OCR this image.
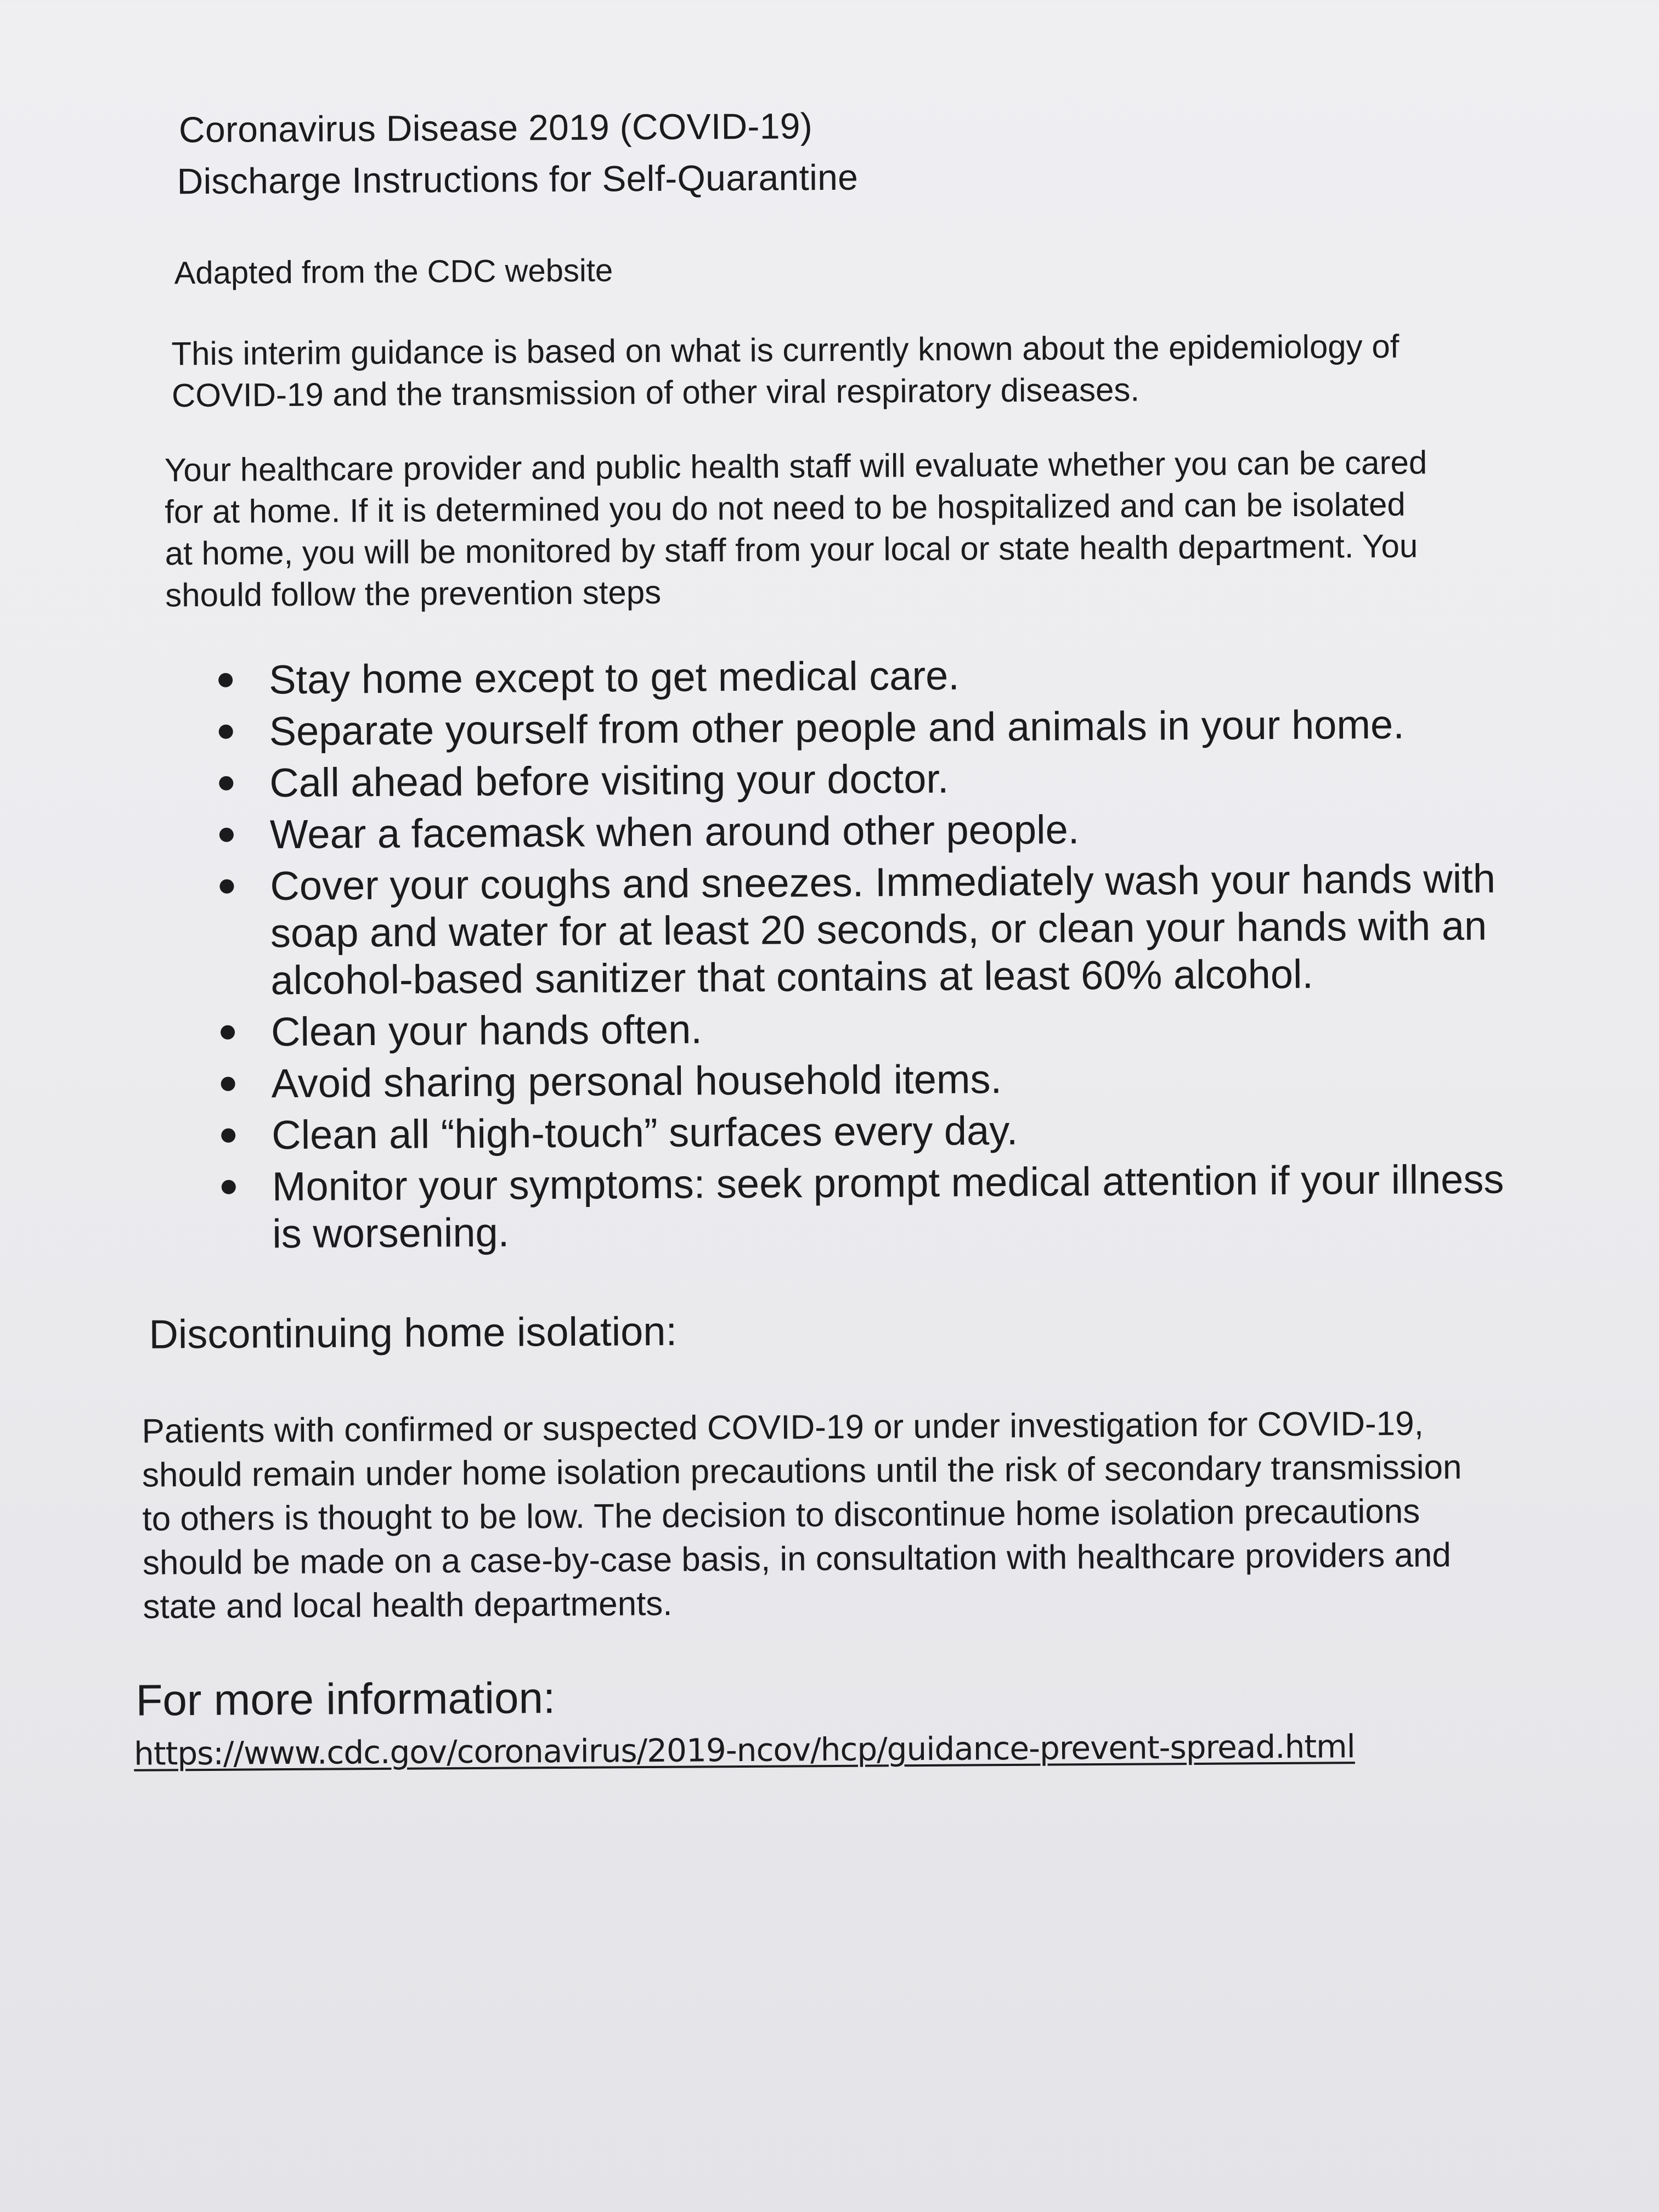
Coronavirus Disease 2019 (COVID-19)
Discharge Instructions for Self-Quarantine
Adapted from the CDC website
This interim guidance is based on what is currently known about the epidemiology of
COVID-19 and the transmission of other viral respiratory diseases.
Your healthcare provider and public health staff will evaluate whether you can be cared
for at home. If it is determined you do not need to be hospitalized and can be isolated
at home, you will be monitored by staff from your local or state health department. You
should follow the prevention steps
Stay home except to get medical care.
Separate yourself from other people and animals in your home.
Call ahead before visiting your doctor.
Wear a facemask when around other people.
Cover your coughs and sneezes. Immediately wash your hands with
soap and water for at least 20 seconds, or clean your hands with an
alcohol-based sanitizer that contains at least 60% alcohol.
Clean your hands often.
Avoid sharing personal household items.
Clean all “high-touch” surfaces every day.
Monitor your symptoms: seek prompt medical attention if your illness
is worsening.
Discontinuing home isolation:
Patients with confirmed or suspected COVID-19 or under investigation for COVID-19,
should remain under home isolation precautions until the risk of secondary transmission
to others is thought to be low. The decision to discontinue home isolation precautions
should be made on a case-by-case basis, in consultation with healthcare providers and
state and local health departments.
For more information:
https://www.cdc.gov/coronavirus/2019-ncov/hcp/guidance-prevent-spread.html
